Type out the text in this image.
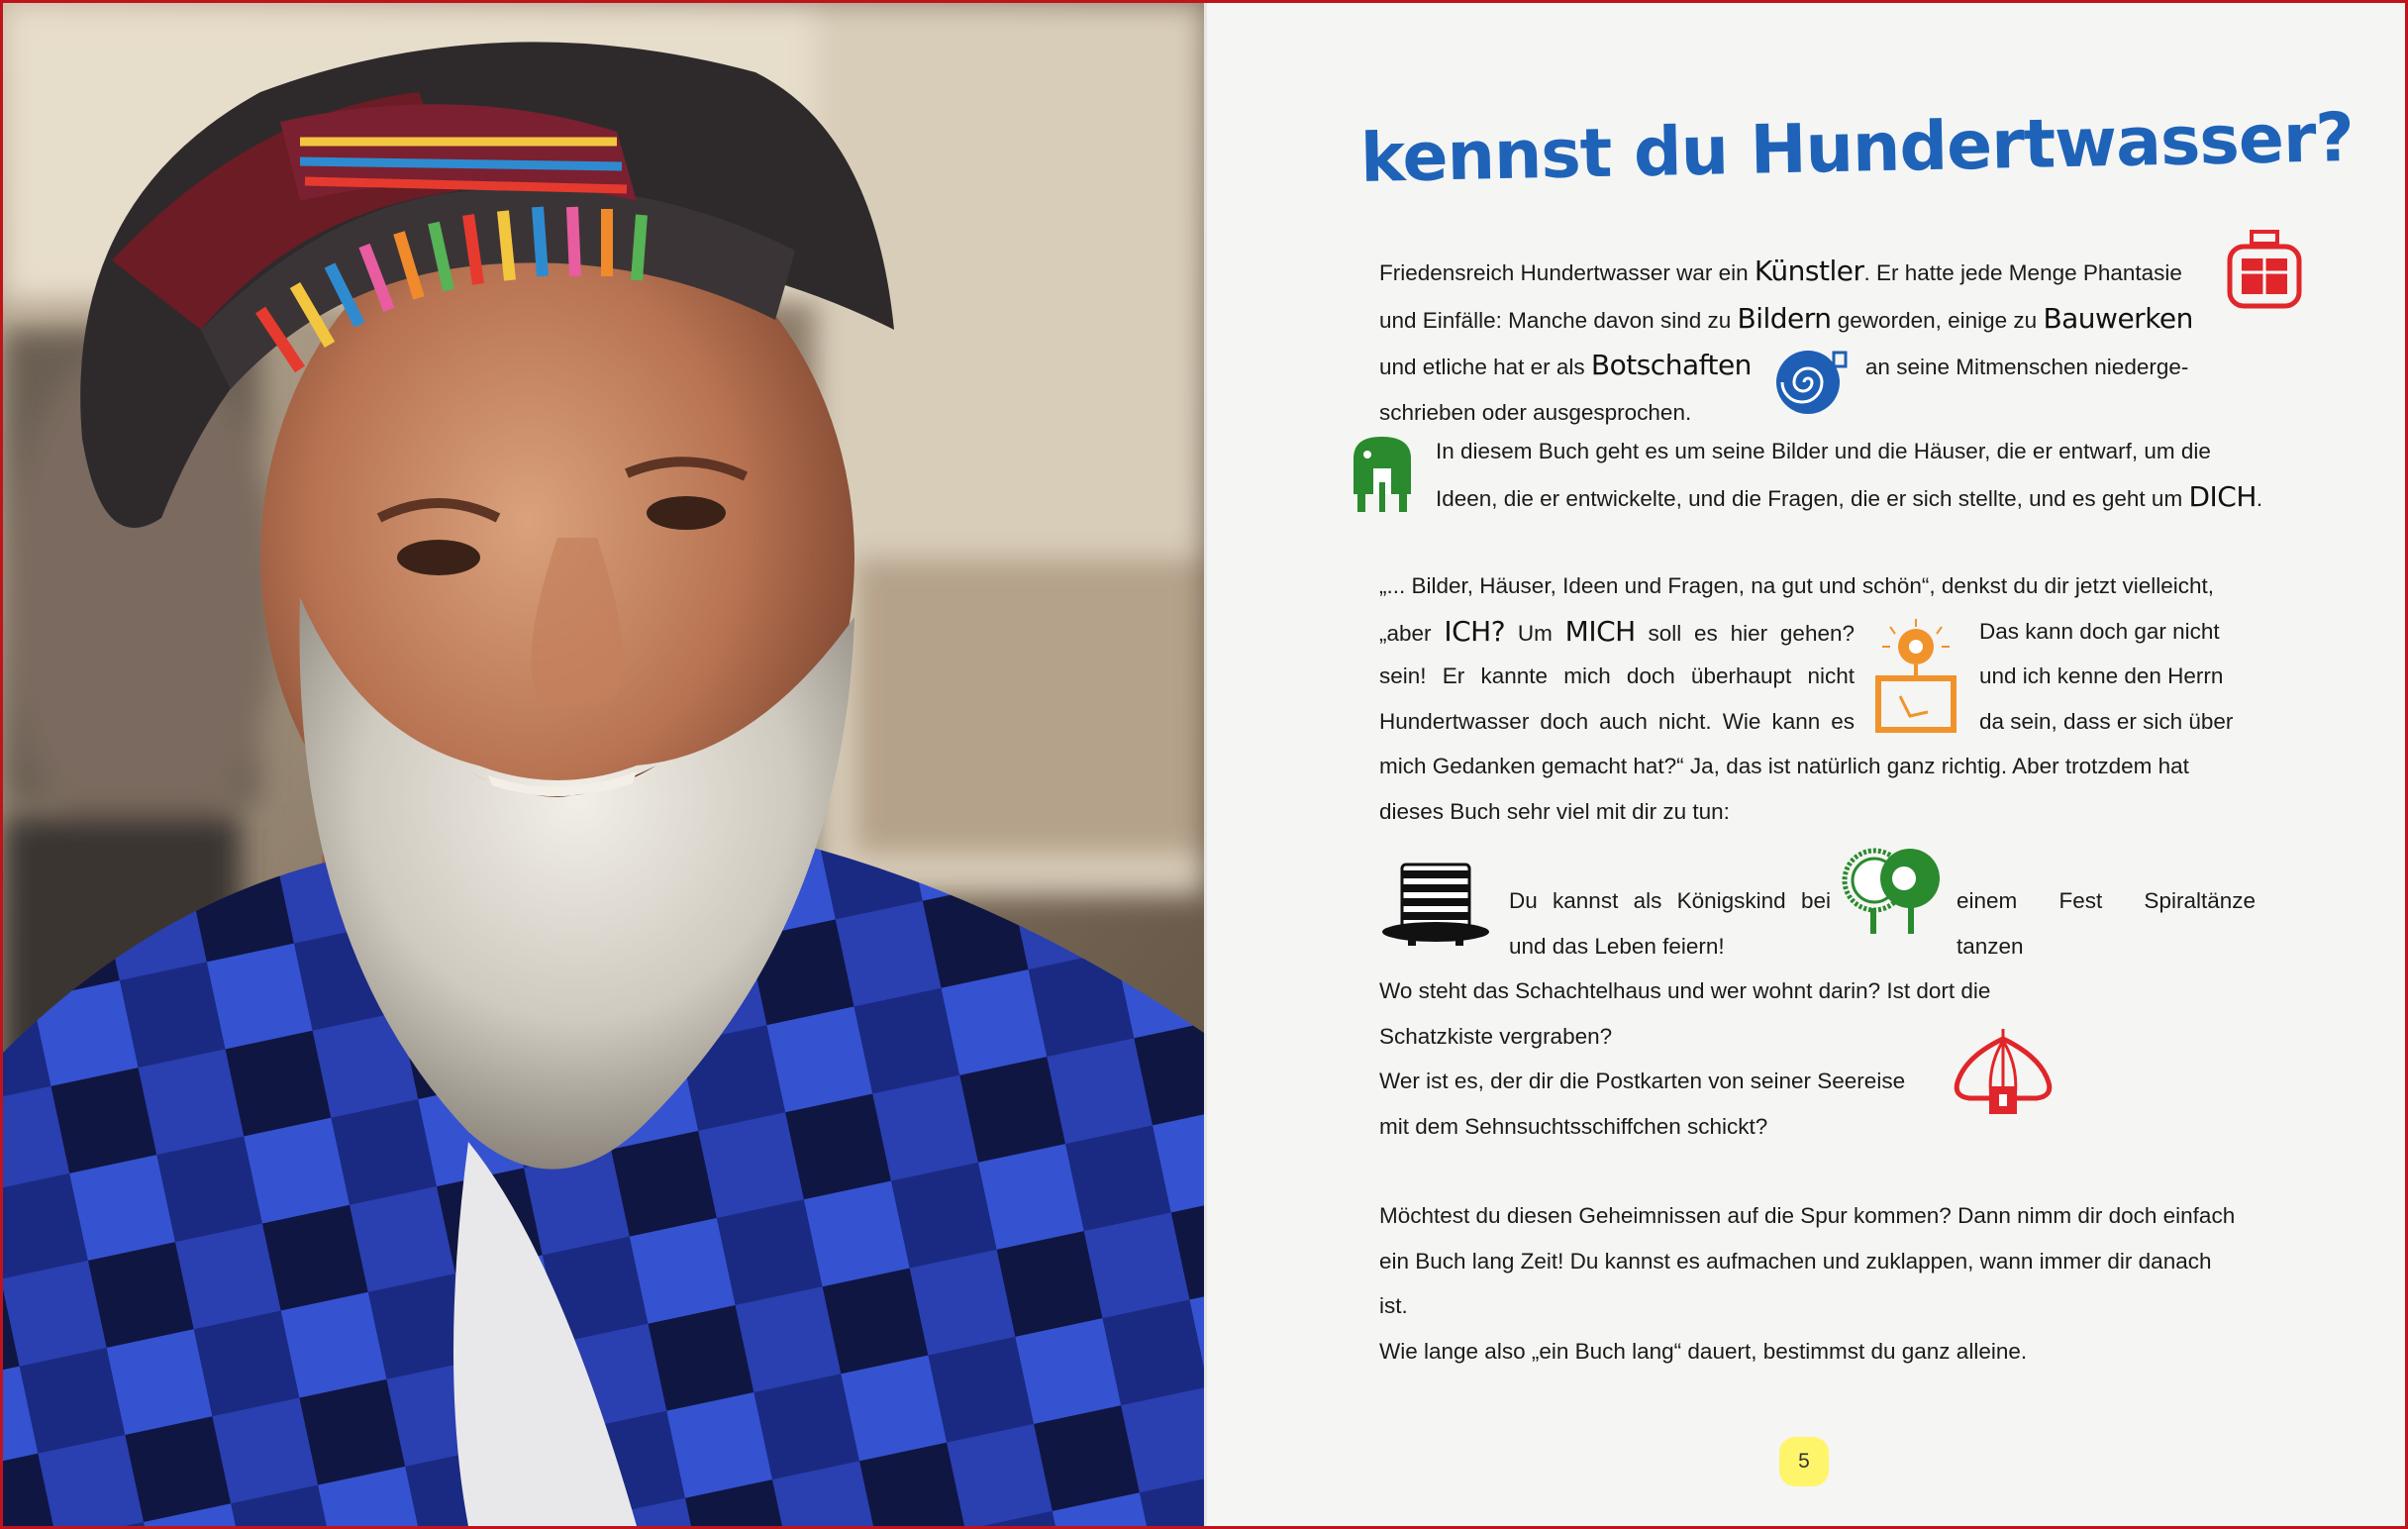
kennst du Hundertwasser?

Friedensreich Hundertwasser war ein Künstler. Er hatte jede Menge Phantasie

und Einfälle: Manche davon sind zu Bildern geworden, einige zu Bauwerken

und etliche hat er als Botschaften	an seine Mitmenschen niederge-

schrieben oder ausgesprochen.

In diesem Buch geht es um seine Bilder und die Häuser, die er entwarf, um die

Ideen, die er entwickelte, und die Fragen, die er sich stellte, und es geht um DICH.

„... Bilder, Häuser, Ideen und Fragen, na gut und schön“, denkst du dir jetzt vielleicht,

„aber ICH? Um MICH soll es hier gehen?	Das kann doch gar nicht
sein! Er kannte mich doch überhaupt nicht	und ich kenne den Herrn
Hundertwasser doch auch nicht. Wie kann es	da sein, dass er sich über

mich Gedanken gemacht hat?“ Ja, das ist natürlich ganz richtig. Aber trotzdem hat

dieses Buch sehr viel mit dir zu tun:

Du kannst als Königskind bei	einem Fest Spiraltänze tanzen

und das Leben feiern!

Wo steht das Schachtelhaus und wer wohnt darin? Ist dort die

Schatzkiste vergraben?

Wer ist es, der dir die Postkarten von seiner Seereise

mit dem Sehnsuchtsschiffchen schickt?

Möchtest du diesen Geheimnissen auf die Spur kommen? Dann nimm dir doch einfach

ein Buch lang Zeit! Du kannst es aufmachen und zuklappen, wann immer dir danach ist.

Wie lange also „ein Buch lang“ dauert, bestimmst du ganz alleine.

5
